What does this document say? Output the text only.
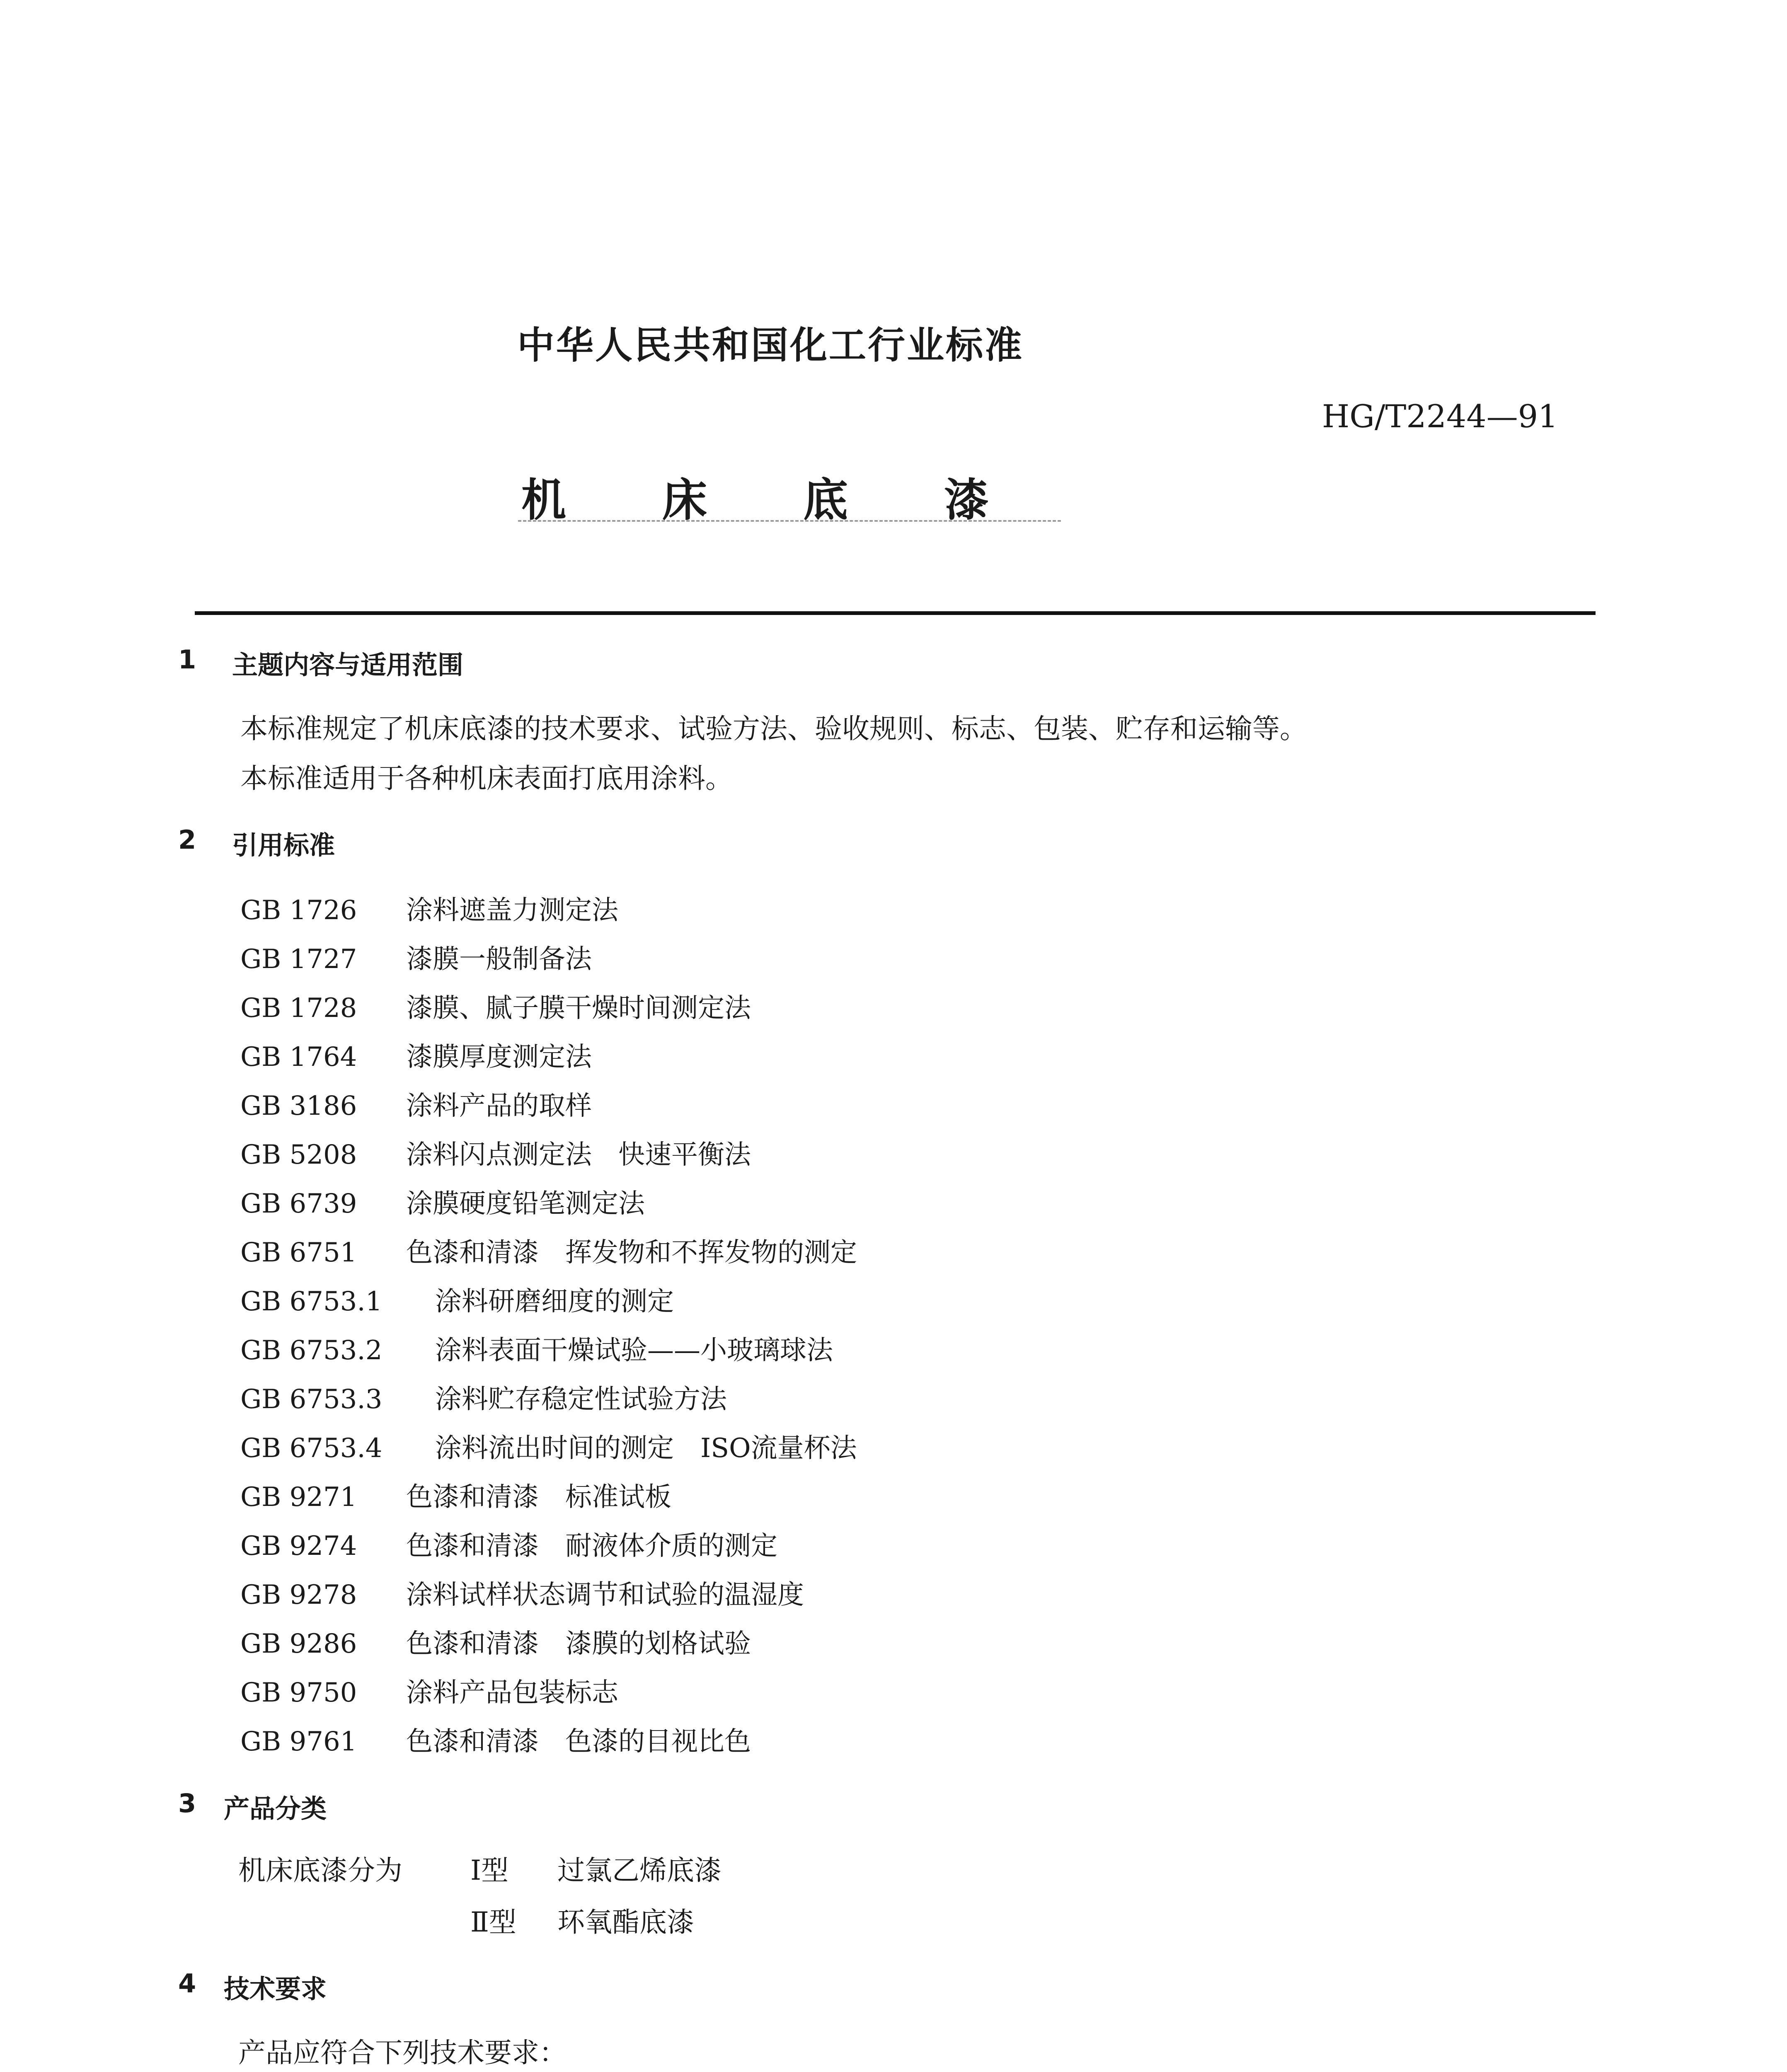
中华人民共和国化工行业标准
HG/T2244—91
机 床 底 漆
1 主题内容与适用范围
本标准规定了机床底漆的技术要求、试验方法、验收规则、标志、包装、贮存和运输等。
本标准适用于各种机床表面打底用涂料。
2 引用标准
GB 1726 涂料遮盖力测定法
GB 1727 漆膜一般制备法
GB 1728 漆膜、腻子膜干燥时间测定法
GB 1764 漆膜厚度测定法
GB 3186 涂料产品的取样
GB 5208 涂料闪点测定法　快速平衡法
GB 6739 涂膜硬度铅笔测定法
GB 6751 色漆和清漆　挥发物和不挥发物的测定
GB 6753.1 涂料研磨细度的测定
GB 6753.2 涂料表面干燥试验——小玻璃球法
GB 6753.3 涂料贮存稳定性试验方法
GB 6753.4 涂料流出时间的测定　ISO流量杯法
GB 9271 色漆和清漆　标准试板
GB 9274 色漆和清漆　耐液体介质的测定
GB 9278 涂料试样状态调节和试验的温湿度
GB 9286 色漆和清漆　漆膜的划格试验
GB 9750 涂料产品包装标志
GB 9761 色漆和清漆　色漆的目视比色
3 产品分类
机床底漆分为 Ⅰ型 过氯乙烯底漆
Ⅱ型 环氧酯底漆
4 技术要求
产品应符合下列技术要求：
